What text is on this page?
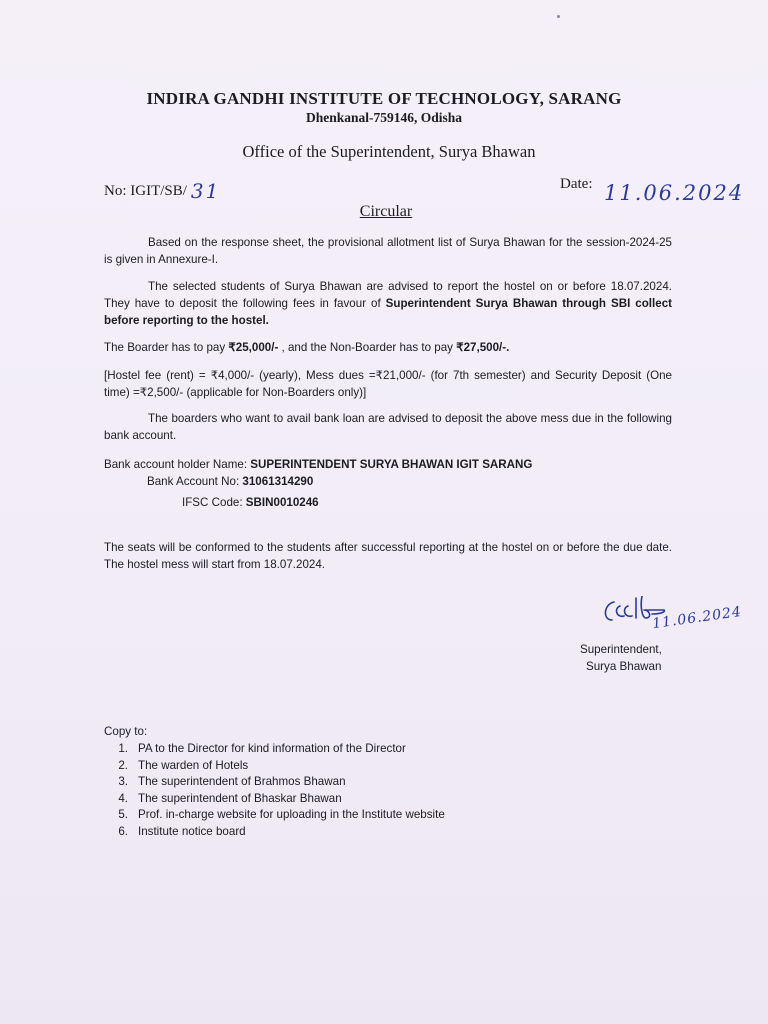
INDIRA GANDHI INSTITUTE OF TECHNOLOGY, SARANG
Dhenkanal-759146, Odisha
Office of the Superintendent, Surya Bhawan
No: IGIT/SB/ 31	Date: 11.06.2024
Circular
Based on the response sheet, the provisional allotment list of Surya Bhawan for the session-2024-25 is given in Annexure-I.
The selected students of Surya Bhawan are advised to report the hostel on or before 18.07.2024. They have to deposit the following fees in favour of Superintendent Surya Bhawan through SBI collect before reporting to the hostel.
The Boarder has to pay ₹25,000/- , and the Non-Boarder has to pay ₹27,500/-.
[Hostel fee (rent) = ₹4,000/- (yearly), Mess dues =₹21,000/- (for 7th semester) and Security Deposit (One time) =₹2,500/- (applicable for Non-Boarders only)]
The boarders who want to avail bank loan are advised to deposit the above mess due in the following bank account.
Bank account holder Name: SUPERINTENDENT SURYA BHAWAN IGIT SARANG
Bank Account No: 31061314290
IFSC Code: SBIN0010246
The seats will be conformed to the students after successful reporting at the hostel on or before the due date. The hostel mess will start from 18.07.2024.
11.06.2024
Superintendent,
Surya Bhawan
Copy to:
1. PA to the Director for kind information of the Director
2. The warden of Hotels
3. The superintendent of Brahmos Bhawan
4. The superintendent of Bhaskar Bhawan
5. Prof. in-charge website for uploading in the Institute website
6. Institute notice board
